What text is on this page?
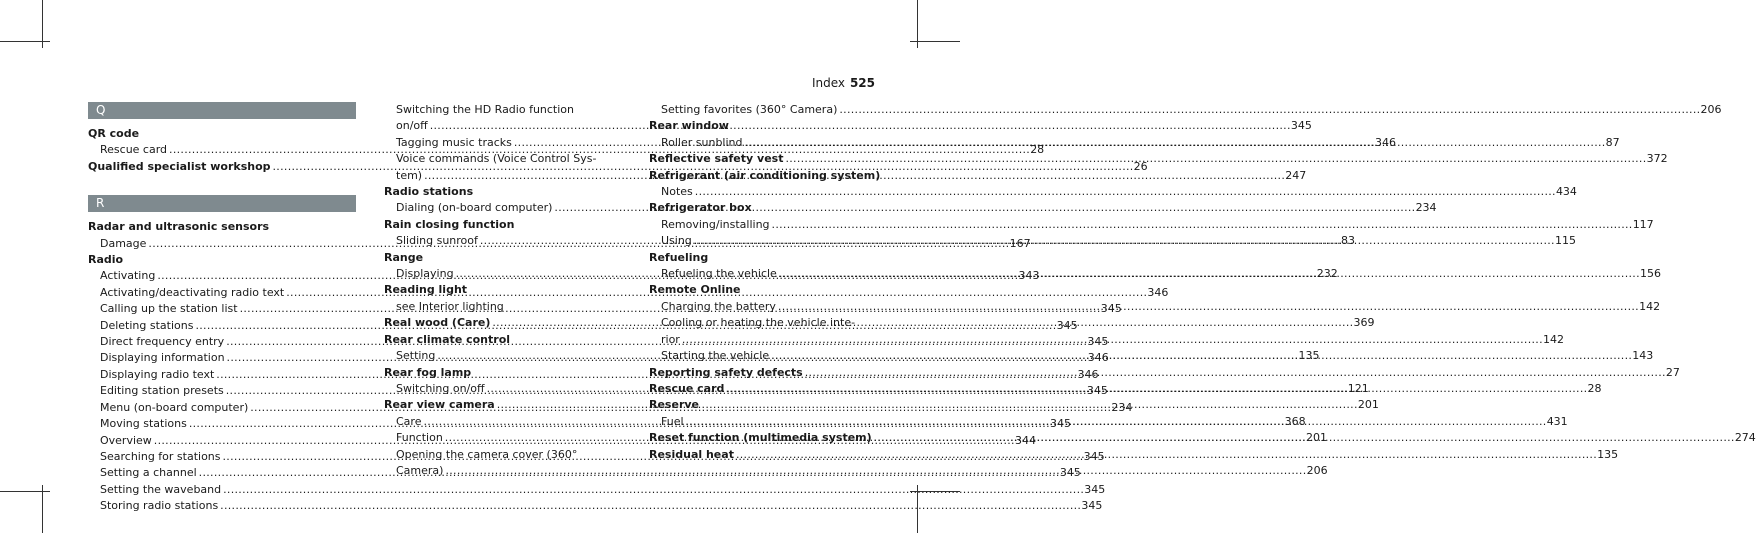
Index 525
Q
QR code
Rescue card . . .	28
Qualified specialist workshop . . .	26
R
Radar and ultrasonic sensors
Damage . . .	167
Radio
Activating . . .	343
Activating/deactivating radio text . . .	346
Calling up the station list . . .	345
Deleting stations . . .	345
Direct frequency entry . . .	345
Displaying information . . .	346
Displaying radio text . . .	346
Editing station presets . . .	345
Menu (on-board computer) . . .	234
Moving stations . . .	345
Overview . . .	344
Searching for stations . . .	345
Setting a channel . . .	345
Setting the waveband . . .	345
Storing radio stations . . .	345
Switching the HD Radio function
on/off . . .	345
Tagging music tracks . . .	346
Voice commands (Voice Control Sys-
tem) . . .	247
Radio stations
Dialing (on-board computer) . . .	234
Rain closing function
Sliding sunroof . . .	83
Range
Displaying . . .	232
Reading light
see Interior lighting
Real wood (Care) . . .	369
Rear climate control
Setting . . .	135
Rear fog lamp
Switching on/off . . .	121
Rear view camera . . .	201
Care . . .	368
Function . . .	201
Opening the camera cover (360°
Camera) . . .	206
Setting favorites (360° Camera) . . .	206
Rear window
Roller sunblind . . .	87
Reflective safety vest . . .	372
Refrigerant (air conditioning system)
Notes . . .	434
Refrigerator box
Removing/installing . . .	117
Using . . .	115
Refueling
Refueling the vehicle . . .	156
Remote Online
Charging the battery . . .	142
Cooling or heating the vehicle inte-
rior . . .	142
Starting the vehicle . . .	143
Reporting safety defects . . .	27
Rescue card . . .	28
Reserve
Fuel . . .	431
Reset function (multimedia system) . . .	274
Residual heat . . .	135
